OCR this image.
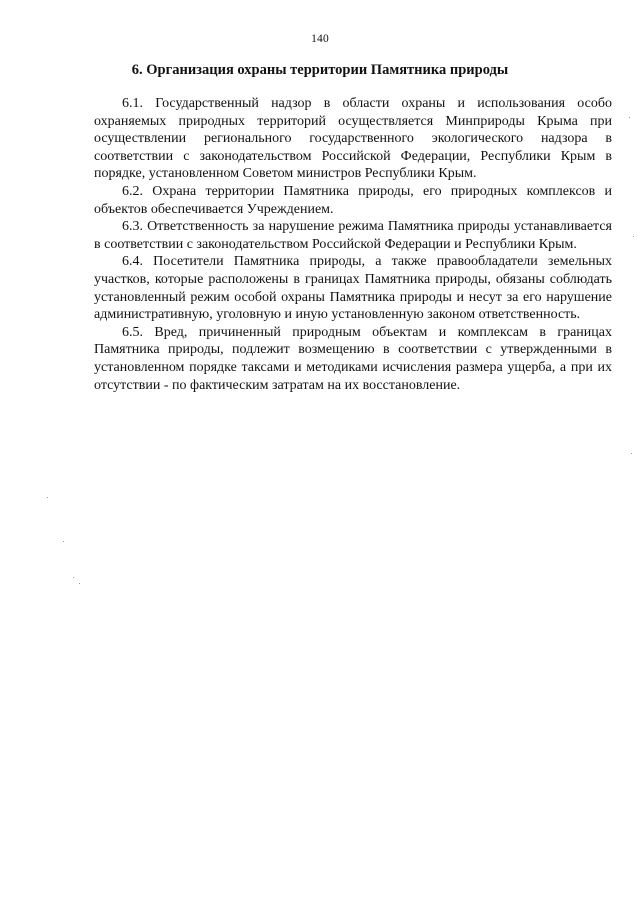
140
6. Организация охраны территории Памятника природы

6.1. Государственный надзор в области охраны и использования особо охраняемых природных территорий осуществляется Минприроды Крыма при осуществлении регионального государственного экологического надзора в соответствии с законодательством Российской Федерации, Республики Крым в порядке, установленном Советом министров Республики Крым.

6.2. Охрана территории Памятника природы, его природных комплексов и объектов обеспечивается Учреждением.

6.3. Ответственность за нарушение режима Памятника природы устанавливается в соответствии с законодательством Российской Федерации и Республики Крым.

6.4. Посетители Памятника природы, а также правообладатели земельных участков, которые расположены в границах Памятника природы, обязаны соблюдать установленный режим особой охраны Памятника природы и несут за его нарушение административную, уголовную и иную установленную законом ответственность.

6.5. Вред, причиненный природным объектам и комплексам в границах Памятника природы, подлежит возмещению в соответствии с утвержденными в установленном порядке таксами и методиками исчисления размера ущерба, а при их отсутствии - по фактическим затратам на их восстановление.
